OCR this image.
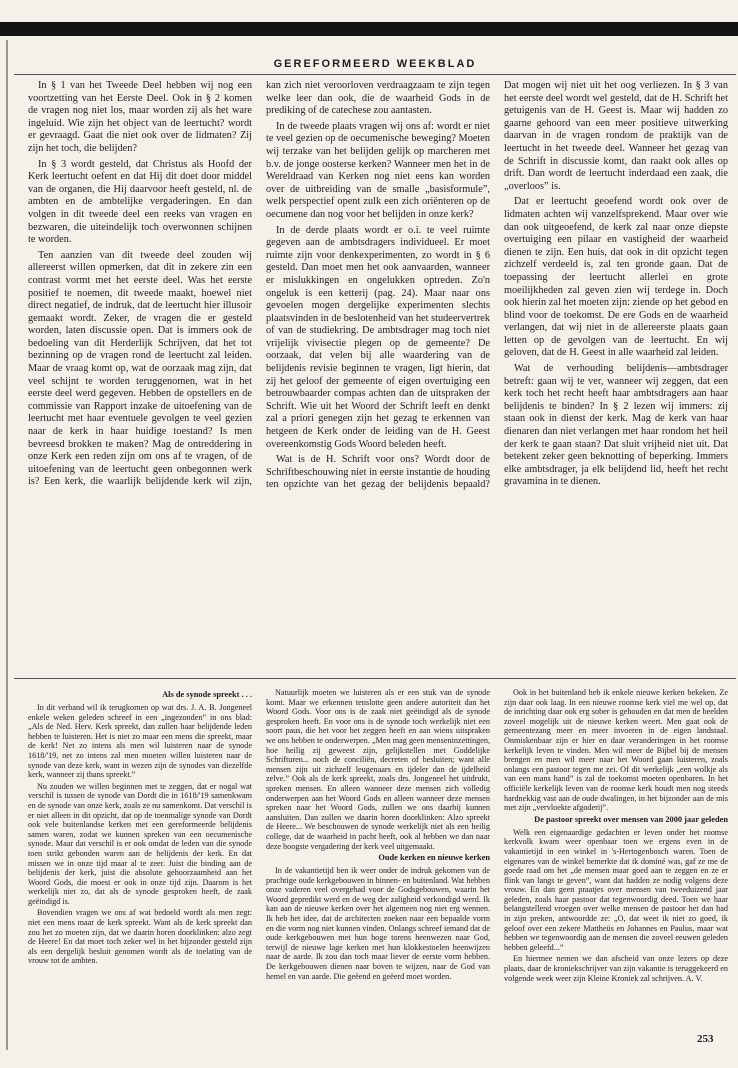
GEREFORMEERD WEEKBLAD

In § 1 van het Tweede Deel hebben wij nog een voortzetting van het Eerste Deel. Ook in § 2 komen de vragen nog niet los, maar worden zij als het ware ingeluid. Wie zijn het object van de leertucht? wordt er gevraagd. Gaat die niet ook over de lidmaten? Zij zijn het toch, die belijden?

In § 3 wordt gesteld, dat Christus als Hoofd der Kerk leertucht oefent en dat Hij dit doet door middel van de organen, die Hij daarvoor heeft gesteld, nl. de ambten en de ambtelijke vergaderingen. En dan volgen in dit tweede deel een reeks van vragen en bezwaren, die uiteindelijk toch overwonnen schijnen te worden.

Ten aanzien van dit tweede deel zouden wij allereerst willen opmerken, dat dit in zekere zin een contrast vormt met het eerste deel. Was het eerste positief te noemen, dit tweede maakt, hoewel niet direct negatief, de indruk, dat de leertucht hier illusoir gemaakt wordt. Zeker, de vragen die er gesteld worden, laten discussie open. Dat is immers ook de bedoeling van dit Herderlijk Schrijven, dat het tot bezinning op de vragen rond de leertucht zal leiden. Maar de vraag komt op, wat de oorzaak mag zijn, dat veel schijnt te worden teruggenomen, wat in het eerste deel werd gegeven. Hebben de opstellers en de commissie van Rapport inzake de uitoefening van de leertucht met haar eventuele gevolgen te veel gezien naar de kerk in haar huidige toestand? Is men bevreesd brokken te maken? Mag de ontreddering in onze Kerk een reden zijn om ons af te vragen, of de uitoefening van de leertucht geen onbegonnen werk is? Een kerk, die waarlijk belijdende kerk wil zijn, kan zich niet veroorloven verdraagzaam te zijn tegen welke leer dan ook, die de waarheid Gods in de prediking of de catechese zou aantasten.

In de tweede plaats vragen wij ons af: wordt er niet te veel gezien op de oecumenische beweging? Moeten wij terzake van het belijden gelijk op marcheren met b.v. de jonge oosterse kerken? Wanneer men het in de Wereldraad van Kerken nog niet eens kan worden over de uitbreiding van de smalle „basisformule”, welk perspectief opent zulk een zich oriënteren op de oecumene dan nog voor het belijden in onze kerk?

In de derde plaats wordt er o.i. te veel ruimte gegeven aan de ambtsdragers individueel. Er moet ruimte zijn voor denkexperimenten, zo wordt in § 6 gesteld. Dan moet men het ook aanvaarden, wanneer er mislukkingen en ongelukken optreden. Zo'n ongeluk is een ketterij (pag. 24). Maar naar ons gevoelen mogen dergelijke experimenten slechts plaatsvinden in de beslotenheid van het studeervertrek of van de studiekring. De ambtsdrager mag toch niet vrijelijk vivisectie plegen op de gemeente? De oorzaak, dat velen bij alle waardering van de belijdenis revisie beginnen te vragen, ligt hierin, dat zij het geloof der gemeente of eigen overtuiging een betrouwbaarder compas achten dan de uitspraken der Schrift. Wie uit het Woord der Schrift leeft en denkt zal a priori genegen zijn het gezag te erkennen van hetgeen de Kerk onder de leiding van de H. Geest overeenkomstig Gods Woord beleden heeft.

Wat is de H. Schrift voor ons? Wordt door de Schriftbeschouwing niet in eerste instantie de houding ten opzichte van het gezag der belijdenis bepaald? Dat mogen wij niet uit het oog verliezen. In § 3 van het eerste deel wordt wel gesteld, dat de H. Schrift het getuigenis van de H. Geest is. Maar wij hadden zo gaarne gehoord van een meer positieve uitwerking daarvan in de vragen rondom de praktijk van de leertucht in het tweede deel. Wanneer het gezag van de Schrift in discussie komt, dan raakt ook alles op drift. Dan wordt de leertucht inderdaad een zaak, die „overloos” is.

Dat er leertucht geoefend wordt ook over de lidmaten achten wij vanzelfsprekend. Maar over wie dan ook uitgeoefend, de kerk zal naar onze diepste overtuiging een pilaar en vastigheid der waarheid dienen te zijn. Een huis, dat ook in dit opzicht tegen zichzelf verdeeld is, zal ten gronde gaan. Dat de toepassing der leertucht allerlei en grote moeilijkheden zal geven zien wij terdege in. Doch ook hierin zal het moeten zijn: ziende op het gebod en blind voor de toekomst. De ere Gods en de waarheid verlangen, dat wij niet in de allereerste plaats gaan letten op de gevolgen van de leertucht. En wij geloven, dat de H. Geest in alle waarheid zal leiden.

Wat de verhouding belijdenis—ambtsdrager betreft: gaan wij te ver, wanneer wij zeggen, dat een kerk toch het recht heeft haar ambtsdragers aan haar belijdenis te binden? In § 2 lezen wij immers: zij staan ook in dienst der kerk. Mag de kerk van haar dienaren dan niet verlangen met haar rondom het heil der kerk te gaan staan? Dat sluit vrijheid niet uit. Dat betekent zeker geen beknotting of beperking. Immers elke ambtsdrager, ja elk belijdend lid, heeft het recht gravamina in te dienen.

Als de synode spreekt . . .

In dit verband wil ik terugkomen op wat drs. J. A. B. Jongeneel enkele weken geleden schreef in een „ingezonden” in ons blad: „Als de Ned. Herv. Kerk spreekt, dan zullen haar belijdende leden hebben te luisteren. Het is niet zo maar een mens die spreekt, maar de kerk! Net zo intens als men wil luisteren naar de synode 1618/'19, net zo intens zal men moeten willen luisteren naar de synode van deze kerk, want in wezen zijn de synodes van diezelfde kerk, wanneer zij thans spreekt.”

Nu zouden we willen beginnen met te zeggen, dat er nogal wat verschil is tussen de synode van Dordt die in 1618/'19 samenkwam en de synode van onze kerk, zoals ze nu samenkomt. Dat verschil is er niet alleen in dit opzicht, dat op de toenmalige synode van Dordt ook vele buitenlandse kerken met een gereformeerde belijdenis samen waren, zodat we kunnen spreken van een oecumenische synode. Maar dat verschil is er ook omdat de leden van die synode toen strikt gebonden waren aan de belijdenis der kerk. En dat missen we in onze tijd maar al te zeer. Juist die binding aan de belijdenis der kerk, juist die absolute gehoorzaamheid aan het Woord Gods, die moest er ook in onze tijd zijn. Daarom is het werkelijk niet zo, dat als de synode gesproken heeft, de zaak geëindigd is.

Bovendien vragen we ons af wat bedoeld wordt als men zegt: niet een mens maar de kerk spreekt. Want als de kerk spreekt dan zou het zo moeten zijn, dat we daarin horen doorklinken: alzo zegt de Heere! En dat moet toch zeker wel in het bijzonder gesteld zijn als een dergelijk besluit genomen wordt als de toelating van de vrouw tot de ambten.

Natuurlijk moeten we luisteren als er een stuk van de synode komt. Maar we erkennen tenslotte geen andere autoriteit dan het Woord Gods. Voor ons is de zaak niet geëindigd als de synode gesproken heeft. En voor ons is de synode toch werkelijk niet een soort paus, die het voor het zeggen heeft en aan wiens uitspraken we ons hebben te onderwerpen. „Men mag geen menseninzettingen, hoe heilig zij geweest zijn, gelijkstellen met Goddelijke Schrifturen... noch de conciliën, decreten of besluiten; want alle mensen zijn uit zichzelf leugenaars en ijdeler dan de ijdelheid zelve.” Ook als de kerk spreekt, zoals drs. Jongeneel het uitdrukt, spreken mensen. En alleen wanneer deze mensen zich volledig onderwerpen aan het Woord Gods en alleen wanneer deze mensen spreken naar het Woord Gods, zullen we ons daarbij kunnen aansluiten. Dan zullen we daarin horen doorklinken: Alzo spreekt de Heere... We beschouwen de synode werkelijk niet als een heilig college, dat de waarheid in pacht heeft, ook al hebben we dan naar deze hoogste vergadering der kerk veel uitgemaakt.

Oude kerken en nieuwe kerken

In de vakantietijd ben ik weer onder de indruk gekomen van de prachtige oude kerkgebouwen in binnen- en buitenland. Wat hebben onze vaderen veel overgehad voor de Godsgebouwen, waarin het Woord gepredikt werd en de weg der zaligheid verkondigd werd. Ik kan aan de nieuwe kerken over het algemeen nog niet erg wennen. Ik heb het idee, dat de architecten zoeken naar een bepaalde vorm en die vorm nog niet kunnen vinden. Onlangs schreef iemand dat de oude kerkgebouwen met hun hoge torens heenwezen naar God, terwijl de nieuwe lage kerken met hun klokkestoelen heenwijzen naar de aarde. Ik zou dan toch maar liever de eerste vorm hebben. De kerkgebouwen dienen naar boven te wijzen, naar de God van hemel en van aarde. Die geëend en geëerd moet worden.

Ook in het buitenland heb ik enkele nieuwe kerken bekeken. Ze zijn daar ook laag. In een nieuwe roomse kerk viel me wel op, dat de inrichting daar ook erg sober is gehouden en dat men de beelden zoveel mogelijk uit de nieuwe kerken weert. Men gaat ook de gemeentezang meer en meer invoeren in de eigen landstaal. Onmiskenbaar zijn er hier en daar veranderingen in het roomse kerkelijk leven te vinden. Men wil meer de Bijbel bij de mensen brengen en men wil meer naar het Woord gaan luisteren, zoals onlangs een pastoor tegen me zei. Of dit werkelijk „een wolkje als van een mans hand” is zal de toekomst moeten openbaren. In het officiële kerkelijk leven van de roomse kerk houdt men nog steeds hardnekkig vast aan de oude dwalingen, in het bijzonder aan de mis met zijn „vervloekte afgoderij”.

De pastoor spreekt over mensen van 2000 jaar geleden

Welk een eigenaardige gedachten er leven onder het roomse kerkvolk kwam weer openbaar toen we ergens even in de vakantietijd in een winkel in 's-Hertogenbosch waren. Toen de eigenares van de winkel bemerkte dat ik dominé was, gaf ze me de goede raad om het „de mensen maar goed aan te zeggen en ze er flink van langs te geven”, want dat hadden ze nodig volgens deze vrouw. En dan geen praatjes over mensen van tweeduizend jaar geleden, zoals haar pastoor dat tegenwoordig deed. Toen we haar belangstellend vroegen over welke mensen de pastoor het dan had in zijn preken, antwoordde ze: „O, dat weet ik niet zo goed, ik geloof over een zekere Mattheüs en Johannes en Paulus, maar wat hebben we tegenwoordig aan de mensen die zoveel eeuwen geleden hebben geleefd...”

En hiermee nemen we dan afscheid van onze lezers op deze plaats, daar de kroniekschrijver van zijn vakantie is teruggekeerd en volgende week weer zijn Kleine Kroniek zal schrijven. A. V.

253
